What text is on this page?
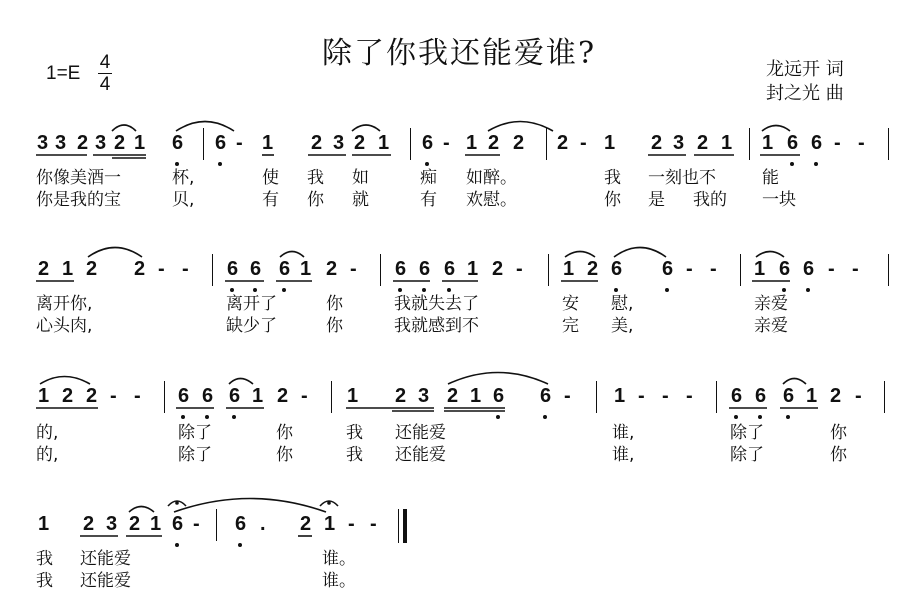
除了你我还能爱谁?
1=E
4
4
龙远开 词
封之光 曲
3 3 2 3 2 1 6 6 - 1 2 3 2 1 6 - 1 2 2 2 - 1 2 3 2 1 1 6 6 - -
你像美酒一	杯,	使 我 如	痴 如醉。	我 一刻也不	能
你是我的宝	贝,	有 你 就	有 欢慰。	你 是 我的 一块
2 1 2 2 - - 6 6 6 1 2 - 6 6 6 1 2 - 1 2 6 6 - - 1 6 6 - -
离开你,	离开了	你	我就失去了	安 慰,	亲爱
心头肉,	缺少了	你	我就感到不	完 美,	亲爱
1 2 2 - - 6 6 6 1 2 - 1 2 3 2 1 6 6 - 1 - - - 6 6 6 1 2 -
的,	除了	你	我 还能爱	谁,	除了	你
的,	除了	你	我 还能爱	谁,	除了	你
1 2 3 2 1 6 - 6 . 2 1 - -
我 还能爱	谁。
我 还能爱	谁。
